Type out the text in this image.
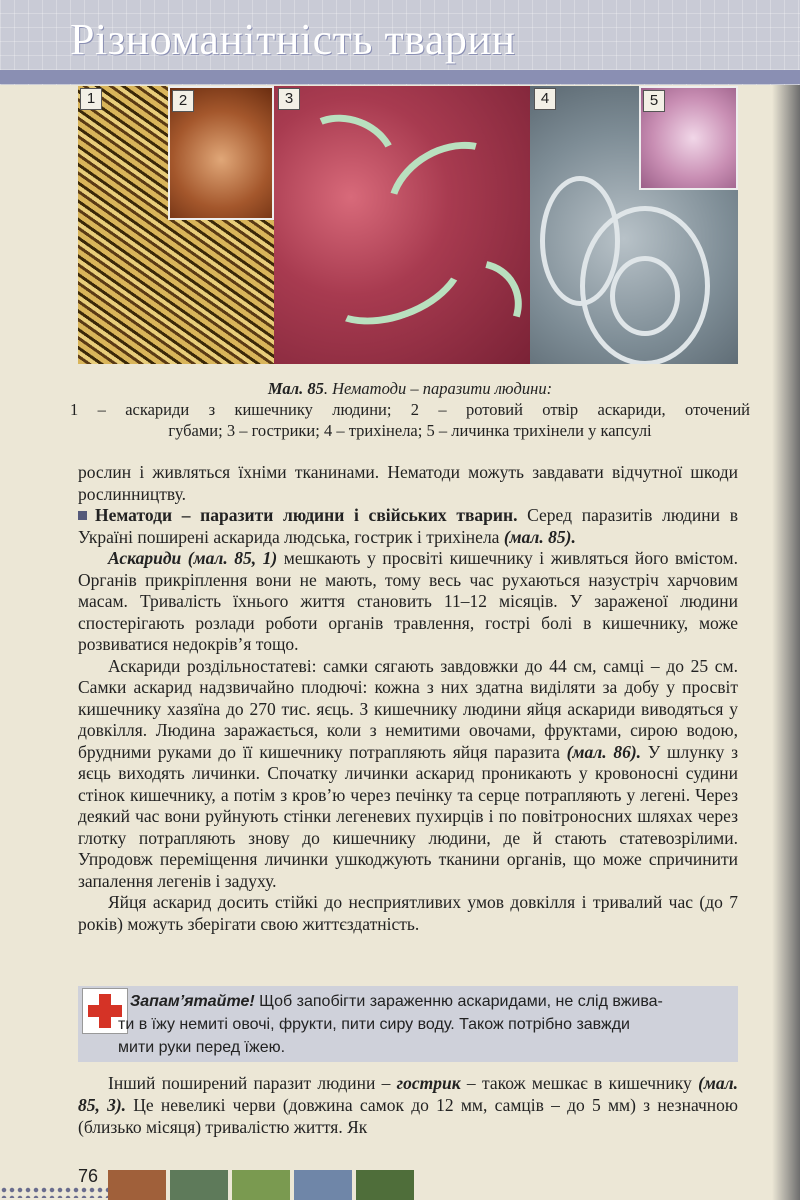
Різноманітність тварин
1	2	3	4	5
Мал. 85. Нематоди – паразити людини:
1 – аскариди з кишечнику людини; 2 – ротовий отвір аскариди, оточений
губами; 3 – гострики; 4 – трихінела; 5 – личинка трихінели у капсулі

рослин і живляться їхніми тканинами. Нематоди можуть завдавати відчутної шкоди рослинництву.

Нематоди – паразити людини і свійських тварин. Серед паразитів людини в Україні поширені аскарида людська, гострик і трихінела (мал. 85).

Аскариди (мал. 85, 1) мешкають у просвіті кишечнику і живляться його вмістом. Органів прикріплення вони не мають, тому весь час рухаються назустріч харчовим масам. Тривалість їхнього життя становить 11–12 місяців. У зараженої людини спостерігають розлади роботи органів травлення, гострі болі в кишечнику, може розвиватися недокрів’я тощо.

Аскариди роздільностатеві: самки сягають завдовжки до 44 см, самці – до 25 см. Самки аскарид надзвичайно плодючі: кожна з них здатна виділяти за добу у просвіт кишечнику хазяїна до 270 тис. яєць. З кишечнику людини яйця аскариди виводяться у довкілля. Людина заражається, коли з немитими овочами, фруктами, сирою водою, брудними руками до її кишечнику потрапляють яйця паразита (мал. 86). У шлунку з яєць виходять личинки. Спочатку личинки аскарид проникають у кровоносні судини стінок кишечнику, а потім з кров’ю через печінку та серце потрапляють у легені. Через деякий час вони руйнують стінки легеневих пухирців і по повітроносних шляхах через глотку потрапляють знову до кишечнику людини, де й стають статевозрілими. Упродовж переміщення личинки ушкоджують тканини органів, що може спричинити запалення легенів і задуху.

Яйця аскарид досить стійкі до несприятливих умов довкілля і тривалий час (до 7 років) можуть зберігати свою життєздатність.

Запам’ятайте! Щоб запобігти зараженню аскаридами, не слід вжива-
ти в їжу немиті овочі, фрукти, пити сиру воду. Також потрібно завжди
мити руки перед їжею.

Інший поширений паразит людини – гострик – також мешкає в кишечнику (мал. 85, 3). Це невеликі черви (довжина самок до 12 мм, самців – до 5 мм) з незначною (близько місяця) тривалістю життя. Як

76
